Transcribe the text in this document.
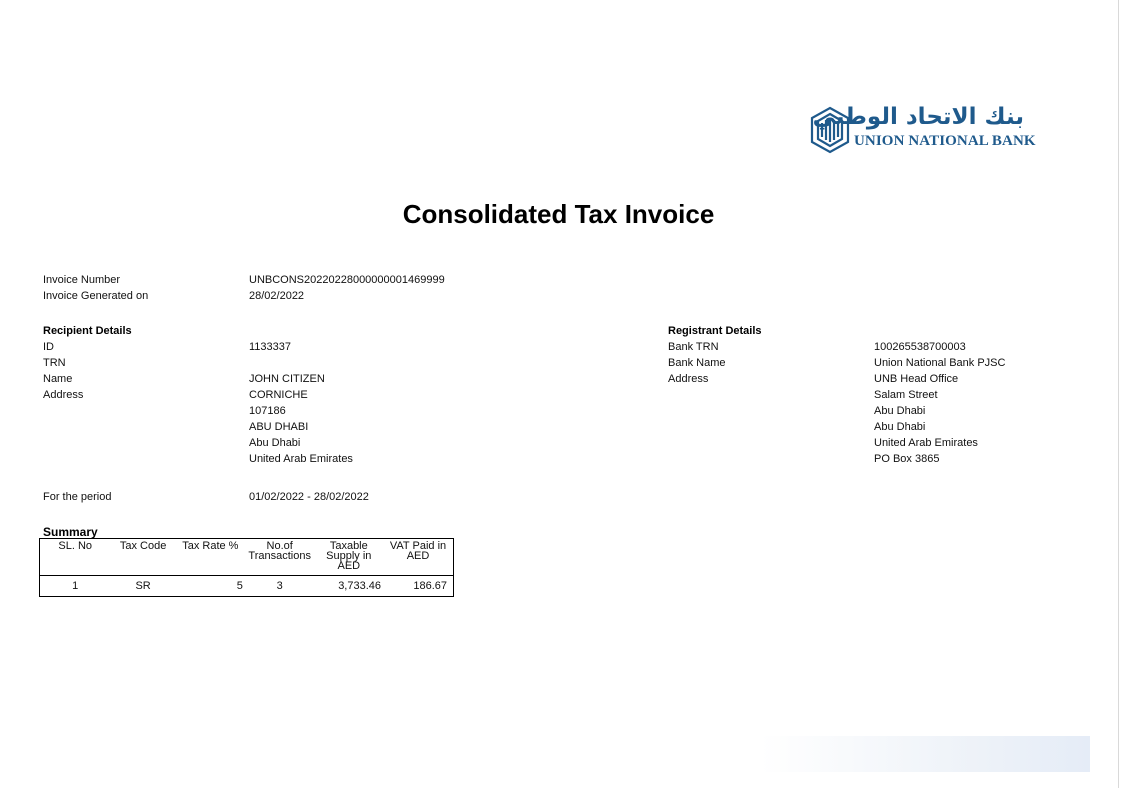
بنك الاتحاد الوطني
UNION NATIONAL BANK
Consolidated Tax Invoice
Invoice Number	UNBCONS20220228000000001469999
Invoice Generated on	28/02/2022
Recipient Details
ID	1133337
TRN
Name	JOHN CITIZEN
Address	CORNICHE
107186
ABU DHABI
Abu Dhabi
United Arab Emirates
Registrant Details
Bank TRN	100265538700003
Bank Name	Union National Bank PJSC
Address	UNB Head Office
Salam Street
Abu Dhabi
Abu Dhabi
United Arab Emirates
PO Box 3865
For the period	01/02/2022 - 28/02/2022
Summary
SL. No	Tax Code	Tax Rate %	No.of Transactions	Taxable Supply in AED	VAT Paid in AED
1	SR	5	3	3,733.46	186.67
